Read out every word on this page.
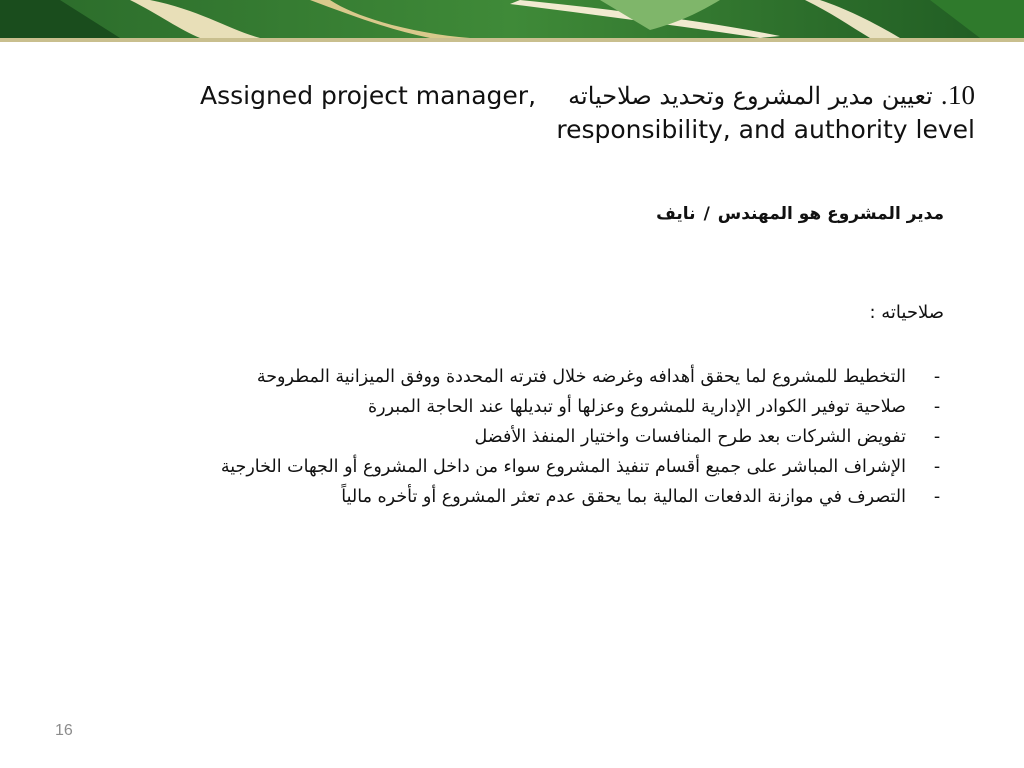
Assigned project manager,	10. تعيين مدير المشروع وتحديد صلاحياته
responsibility, and authority level
مدير المشروع هو المهندس/نايف
صلاحياته :
-
التخطيط للمشروع لما يحقق أهدافه وغرضه خلال فترته المحددة ووفق الميزانية المطروحة
-
صلاحية توفير الكوادر الإدارية للمشروع وعزلها أو تبديلها عند الحاجة المبررة
-
تفويض الشركات بعد طرح المنافسات واختيار المنفذ الأفضل
-
الإشراف المباشر على جميع أقسام تنفيذ المشروع سواء من داخل المشروع أو الجهات الخارجية
-
التصرف في موازنة الدفعات المالية بما يحقق عدم تعثر المشروع أو تأخره مالياً
16
